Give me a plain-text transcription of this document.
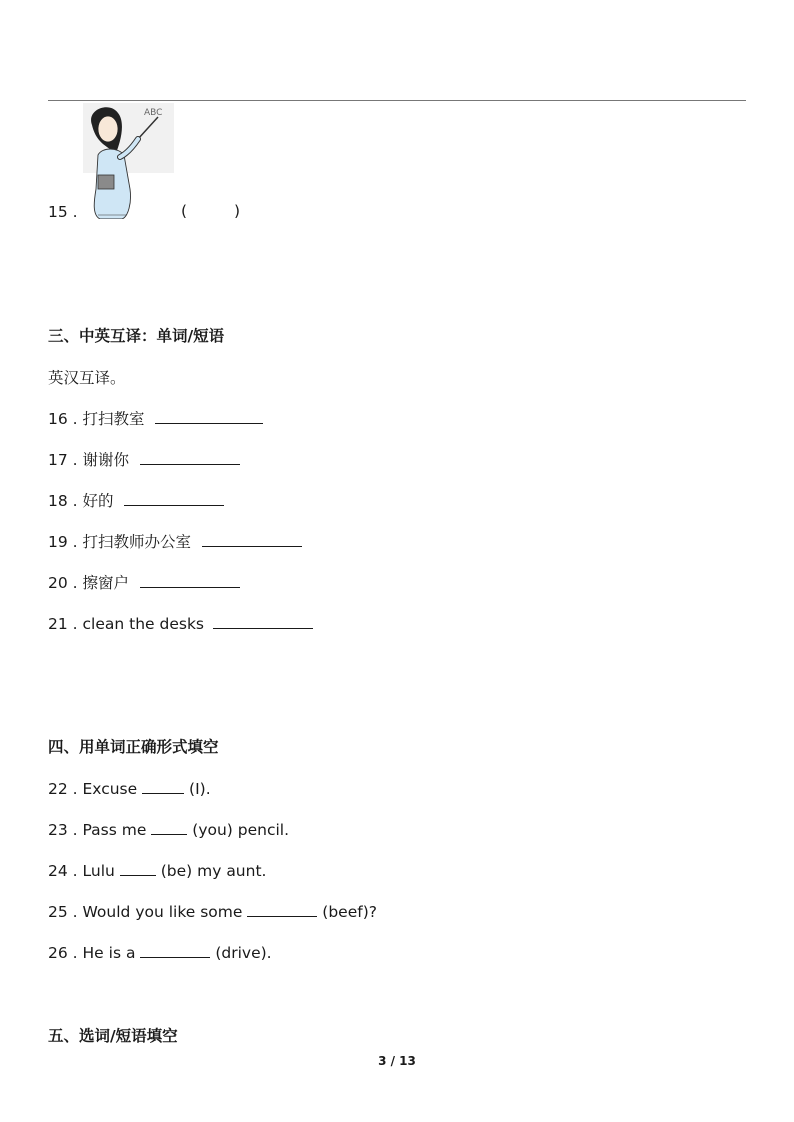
ABC
15 .	(	)
三、中英互译：单词/短语
英汉互译。
16 . 打扫教室
17 . 谢谢你
18 . 好的
19 . 打扫教师办公室
20 . 擦窗户
21 . clean the desks
四、用单词正确形式填空
22 . Excuse	(I).
23 . Pass me	(you) pencil.
24 . Lulu	(be) my aunt.
25 . Would you like some	(beef)?
26 . He is a	(drive).
五、选词/短语填空
3 / 13
